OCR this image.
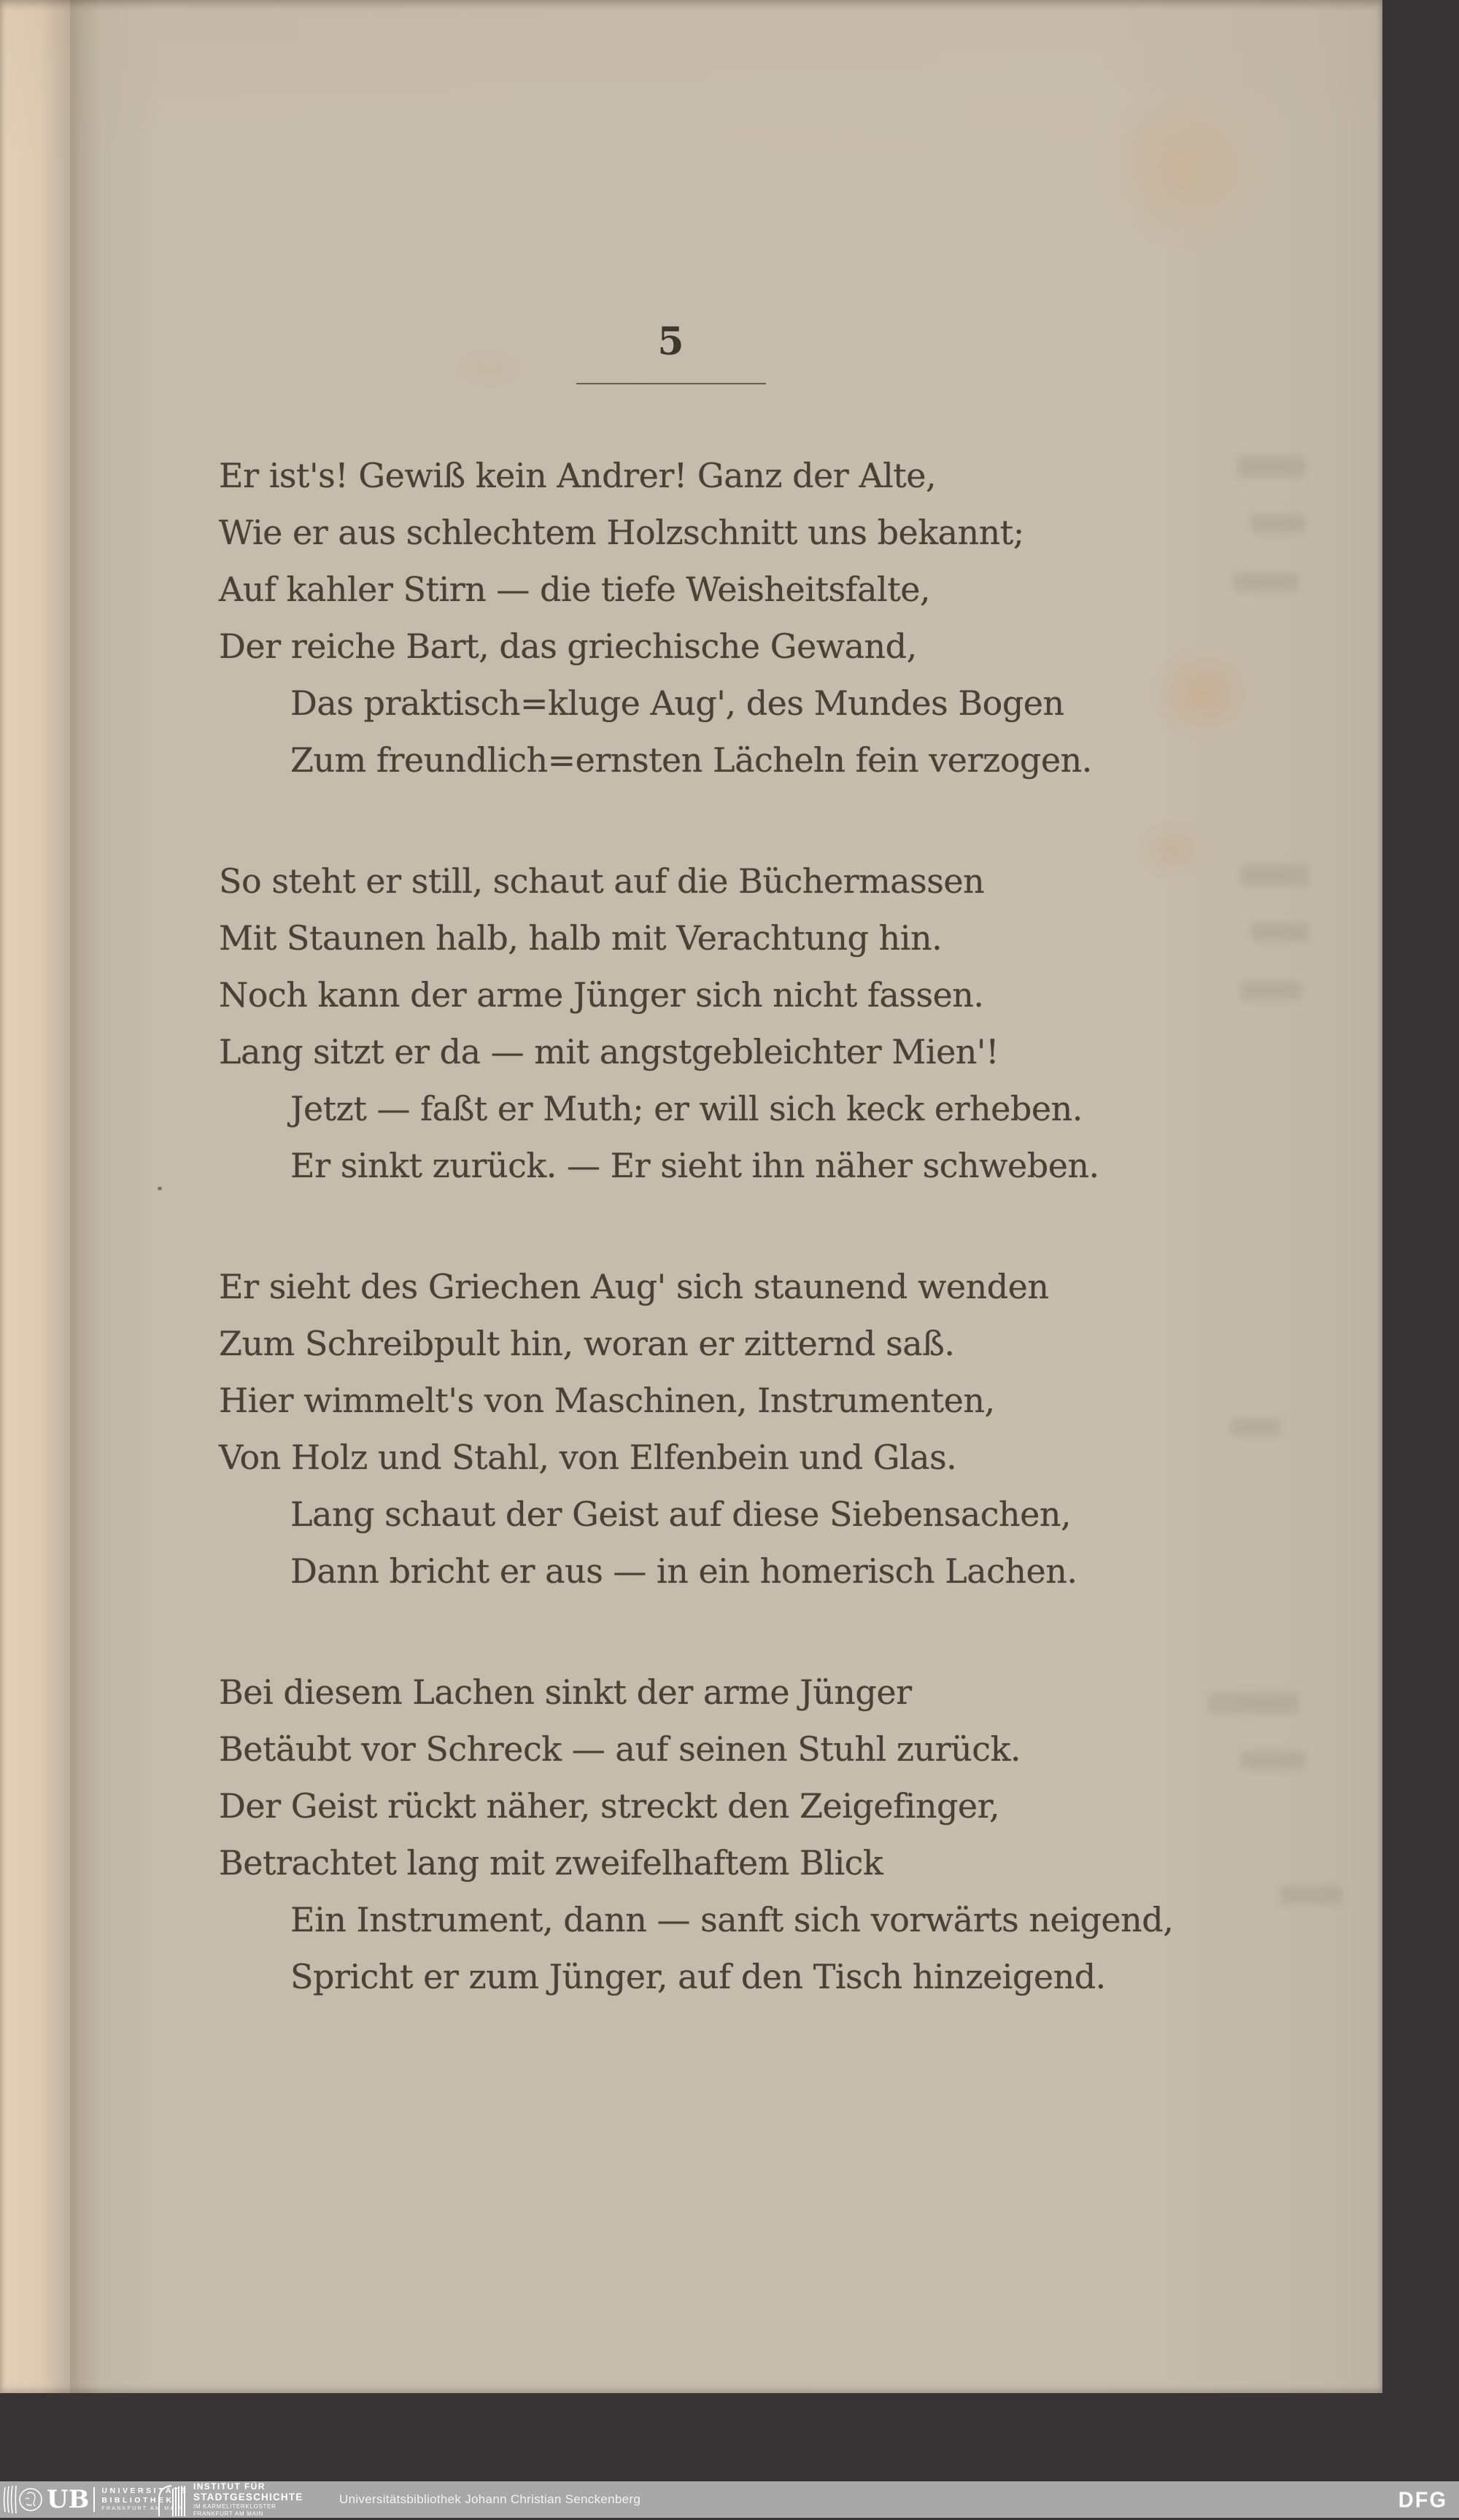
5
Er ist's! Gewiß kein Andrer! Ganz der Alte,
Wie er aus schlechtem Holzschnitt uns bekannt;
Auf kahler Stirn — die tiefe Weisheitsfalte,
Der reiche Bart, das griechische Gewand,
Das praktisch=kluge Aug', des Mundes Bogen
Zum freundlich=ernsten Lächeln fein verzogen.
So steht er still, schaut auf die Büchermassen
Mit Staunen halb, halb mit Verachtung hin.
Noch kann der arme Jünger sich nicht fassen.
Lang sitzt er da — mit angstgebleichter Mien'!
Jetzt — faßt er Muth; er will sich keck erheben.
Er sinkt zurück. — Er sieht ihn näher schweben.
Er sieht des Griechen Aug' sich staunend wenden
Zum Schreibpult hin, woran er zitternd saß.
Hier wimmelt's von Maschinen, Instrumenten,
Von Holz und Stahl, von Elfenbein und Glas.
Lang schaut der Geist auf diese Siebensachen,
Dann bricht er aus — in ein homerisch Lachen.
Bei diesem Lachen sinkt der arme Jünger
Betäubt vor Schreck — auf seinen Stuhl zurück.
Der Geist rückt näher, streckt den Zeigefinger,
Betrachtet lang mit zweifelhaftem Blick
Ein Instrument, dann — sanft sich vorwärts neigend,
Spricht er zum Jünger, auf den Tisch hinzeigend.
UB UNIVERSITÄTS
BIBLIOTHEK
FRANKFURT AM MAIN
INSTITUT FÜR
STADTGESCHICHTE
IM KARMELITERKLOSTER
FRANKFURT AM MAIN
Universitätsbibliothek Johann Christian Senckenberg	DFG
